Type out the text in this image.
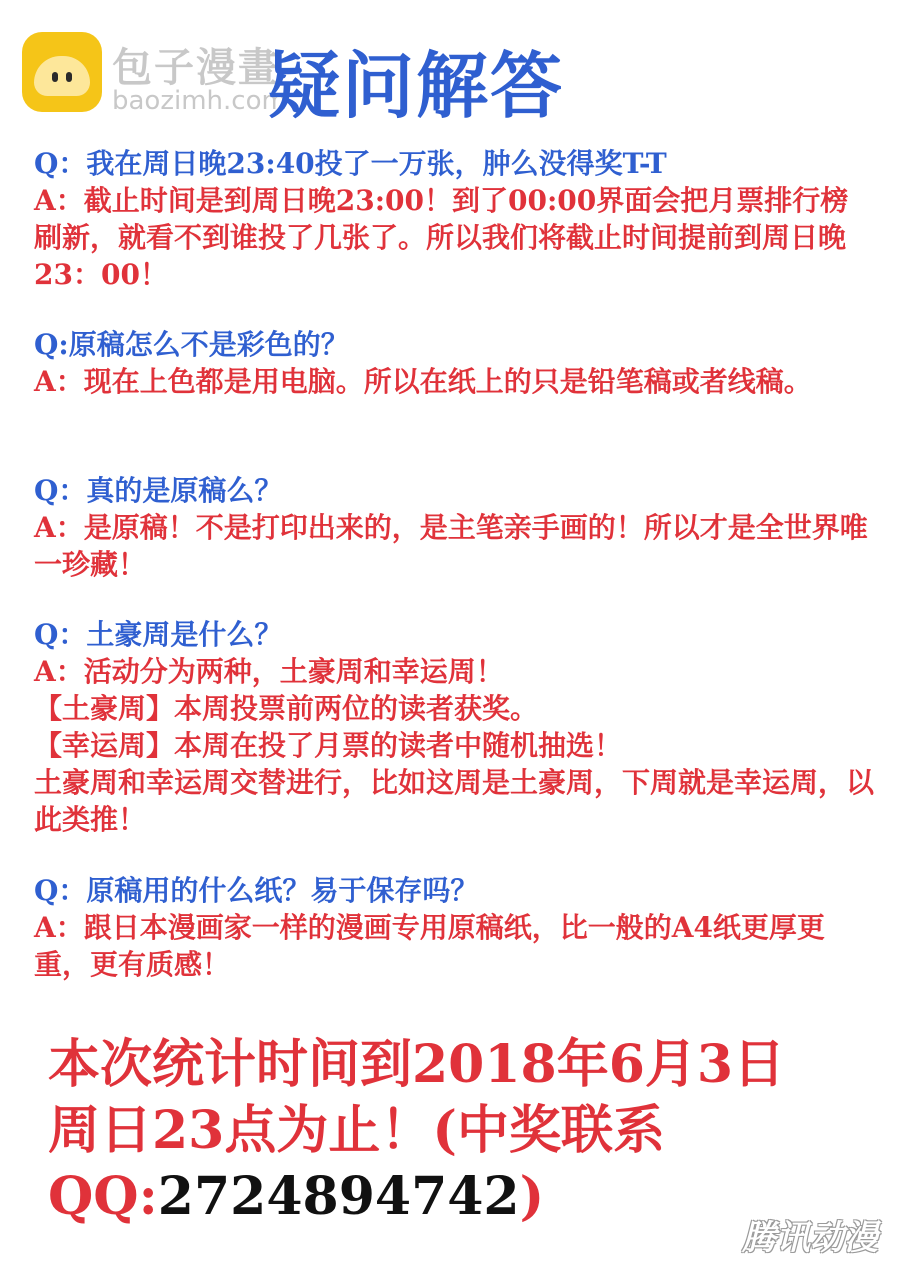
包子漫畫
baozimh.com
疑问解答
Q：我在周日晚23:40投了一万张，肿么没得奖T-T
A：截止时间是到周日晚23:00！到了00:00界面会把月票排行榜刷新，就看不到谁投了几张了。所以我们将截止时间提前到周日晚23：00！
Q:原稿怎么不是彩色的？
A：现在上色都是用电脑。所以在纸上的只是铅笔稿或者线稿。
Q：真的是原稿么？
A：是原稿！不是打印出来的，是主笔亲手画的！所以才是全世界唯一珍藏！
Q：土豪周是什么？
A：活动分为两种，土豪周和幸运周！
【土豪周】本周投票前两位的读者获奖。
【幸运周】本周在投了月票的读者中随机抽选！
土豪周和幸运周交替进行，比如这周是土豪周，下周就是幸运周，以此类推！
Q：原稿用的什么纸？易于保存吗？
A：跟日本漫画家一样的漫画专用原稿纸，比一般的A4纸更厚更重，更有质感！
本次统计时间到2018年6月3日
周日23点为止！(中奖联系
QQ:2724894742)
腾讯动漫
